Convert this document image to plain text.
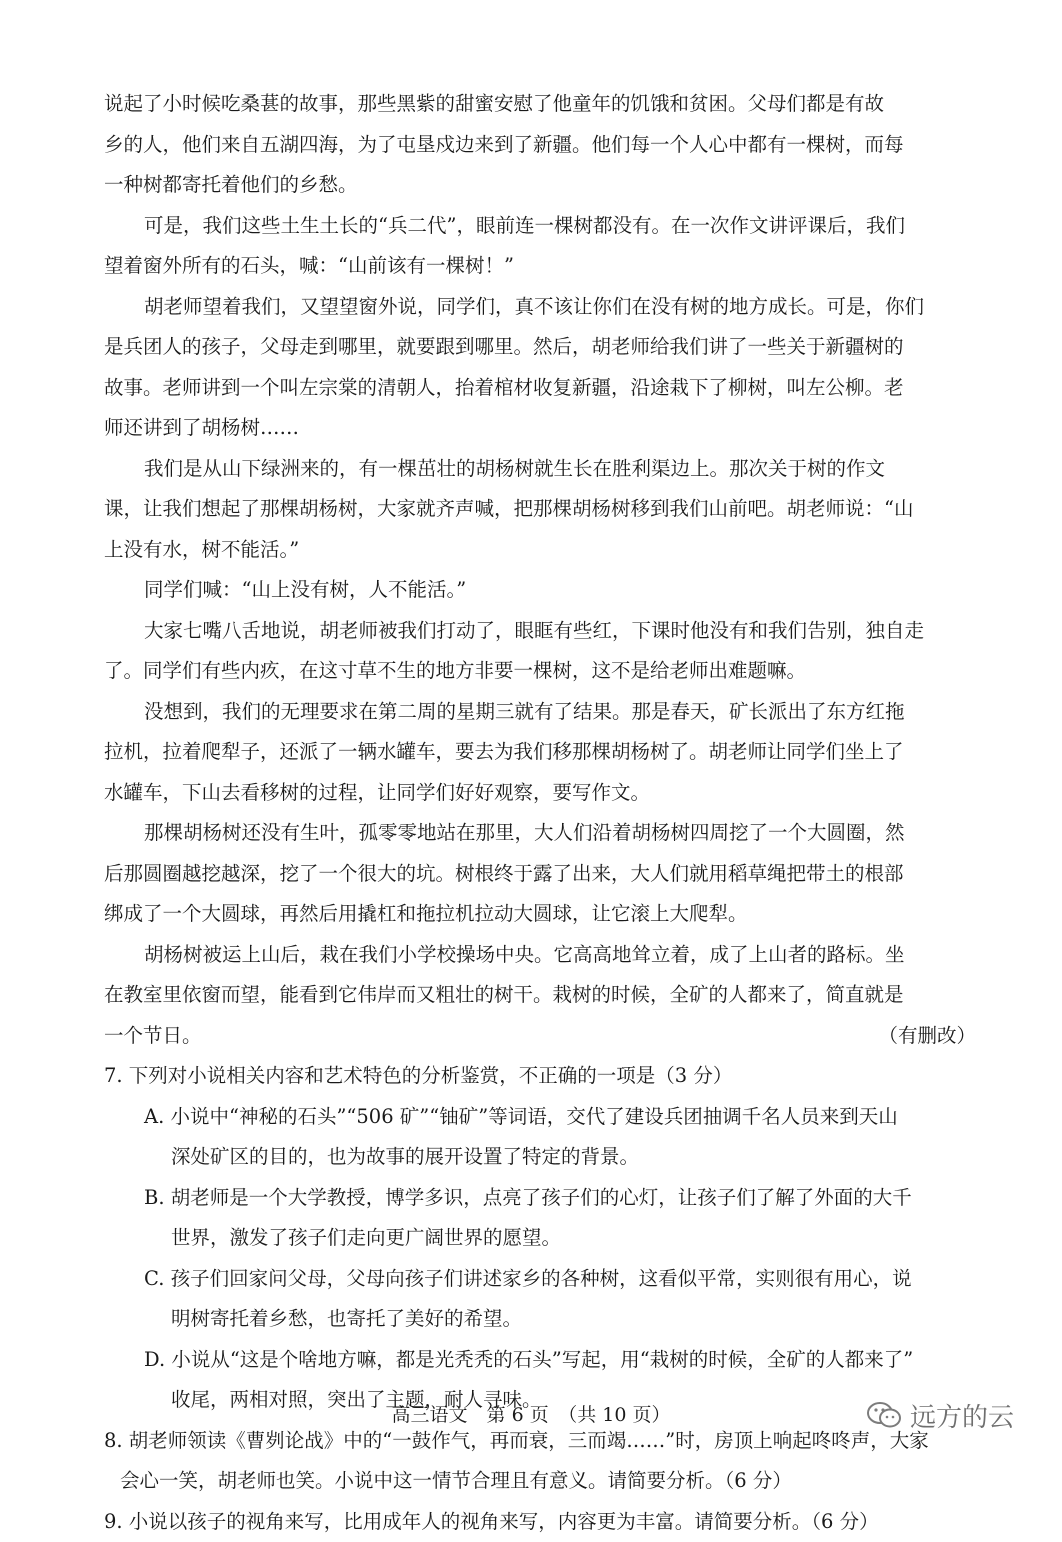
说起了小时候吃桑葚的故事，那些黑紫的甜蜜安慰了他童年的饥饿和贫困。父母们都是有故
乡的人，他们来自五湖四海，为了屯垦戍边来到了新疆。他们每一个人心中都有一棵树，而每
一种树都寄托着他们的乡愁。
可是，我们这些土生土长的“兵二代”，眼前连一棵树都没有。在一次作文讲评课后，我们
望着窗外所有的石头，喊：“山前该有一棵树！”
胡老师望着我们，又望望窗外说，同学们，真不该让你们在没有树的地方成长。可是，你们
是兵团人的孩子，父母走到哪里，就要跟到哪里。然后，胡老师给我们讲了一些关于新疆树的
故事。老师讲到一个叫左宗棠的清朝人，抬着棺材收复新疆，沿途栽下了柳树，叫左公柳。老
师还讲到了胡杨树……
我们是从山下绿洲来的，有一棵茁壮的胡杨树就生长在胜利渠边上。那次关于树的作文
课，让我们想起了那棵胡杨树，大家就齐声喊，把那棵胡杨树移到我们山前吧。胡老师说：“山
上没有水，树不能活。”
同学们喊：“山上没有树，人不能活。”
大家七嘴八舌地说，胡老师被我们打动了，眼眶有些红，下课时他没有和我们告别，独自走
了。同学们有些内疚，在这寸草不生的地方非要一棵树，这不是给老师出难题嘛。
没想到，我们的无理要求在第二周的星期三就有了结果。那是春天，矿长派出了东方红拖
拉机，拉着爬犁子，还派了一辆水罐车，要去为我们移那棵胡杨树了。胡老师让同学们坐上了
水罐车，下山去看移树的过程，让同学们好好观察，要写作文。
那棵胡杨树还没有生叶，孤零零地站在那里，大人们沿着胡杨树四周挖了一个大圆圈，然
后那圆圈越挖越深，挖了一个很大的坑。树根终于露了出来，大人们就用稻草绳把带土的根部
绑成了一个大圆球，再然后用撬杠和拖拉机拉动大圆球，让它滚上大爬犁。
胡杨树被运上山后，栽在我们小学校操场中央。它高高地耸立着，成了上山者的路标。坐
在教室里依窗而望，能看到它伟岸而又粗壮的树干。栽树的时候，全矿的人都来了，简直就是
一个节日。	（有删改）
7. 下列对小说相关内容和艺术特色的分析鉴赏，不正确的一项是（3 分）
A. 小说中“神秘的石头”“506 矿”“铀矿”等词语，交代了建设兵团抽调千名人员来到天山
深处矿区的目的，也为故事的展开设置了特定的背景。
B. 胡老师是一个大学教授，博学多识，点亮了孩子们的心灯，让孩子们了解了外面的大千
世界，激发了孩子们走向更广阔世界的愿望。
C. 孩子们回家问父母，父母向孩子们讲述家乡的各种树，这看似平常，实则很有用心，说
明树寄托着乡愁，也寄托了美好的希望。
D. 小说从“这是个啥地方嘛，都是光秃秃的石头”写起，用“栽树的时候，全矿的人都来了”
收尾，两相对照，突出了主题，耐人寻味。
8. 胡老师领读《曹刿论战》中的“一鼓作气，再而衰，三而竭……”时，房顶上响起咚咚声，大家
会心一笑，胡老师也笑。小说中这一情节合理且有意义。请简要分析。（6 分）
9. 小说以孩子的视角来写，比用成年人的视角来写，内容更为丰富。请简要分析。（6 分）
高三语文　第 6 页　（共 10 页）	远方的云
